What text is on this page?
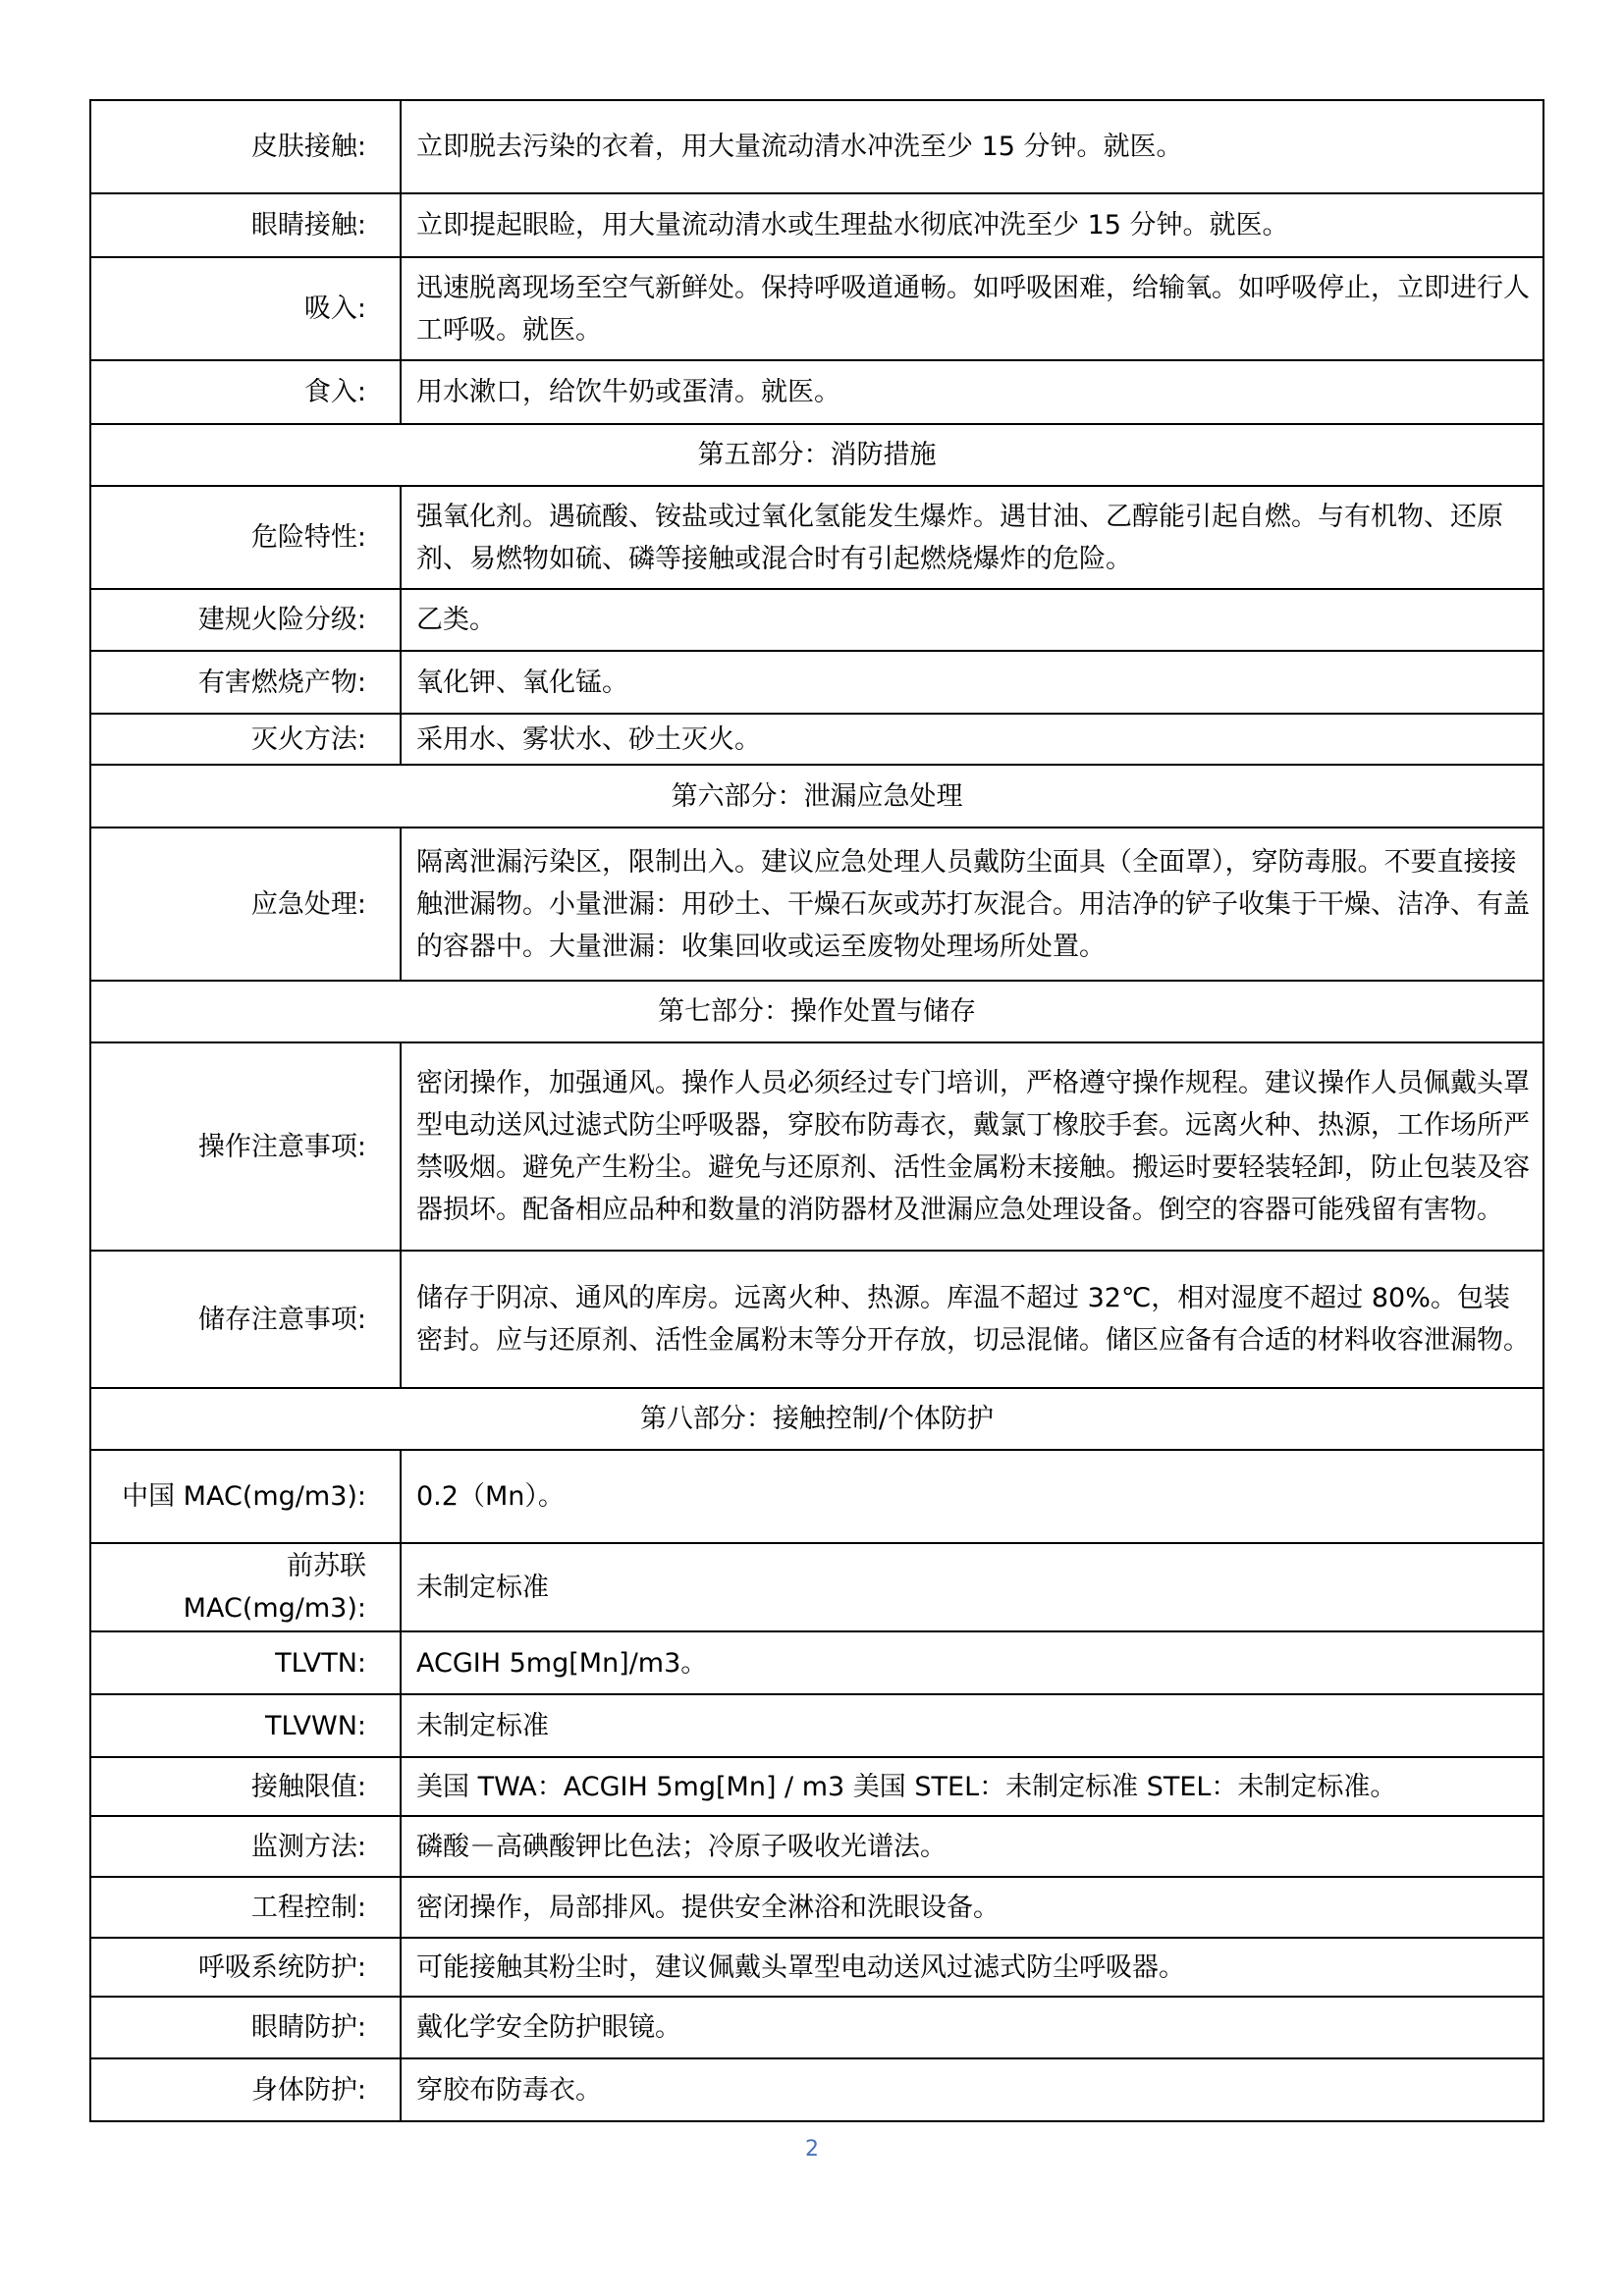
皮肤接触:	立即脱去污染的衣着，用大量流动清水冲洗至少 15 分钟。就医。
眼睛接触:	立即提起眼睑，用大量流动清水或生理盐水彻底冲洗至少 15 分钟。就医。
吸入:	迅速脱离现场至空气新鲜处。保持呼吸道通畅。如呼吸困难，给输氧。如呼吸停止，立即进行人工呼吸。就医。
食入:	用水漱口，给饮牛奶或蛋清。就医。
第五部分：消防措施	
危险特性:	强氧化剂。遇硫酸、铵盐或过氧化氢能发生爆炸。遇甘油、乙醇能引起自燃。与有机物、还原剂、易燃物如硫、磷等接触或混合时有引起燃烧爆炸的危险。
建规火险分级:	乙类。
有害燃烧产物:	氧化钾、氧化锰。
灭火方法:	采用水、雾状水、砂土灭火。
第六部分：泄漏应急处理	
应急处理:	隔离泄漏污染区，限制出入。建议应急处理人员戴防尘面具（全面罩），穿防毒服。不要直接接触泄漏物。小量泄漏：用砂土、干燥石灰或苏打灰混合。用洁净的铲子收集于干燥、洁净、有盖的容器中。大量泄漏：收集回收或运至废物处理场所处置。
第七部分：操作处置与储存	
操作注意事项:	密闭操作，加强通风。操作人员必须经过专门培训，严格遵守操作规程。建议操作人员佩戴头罩型电动送风过滤式防尘呼吸器，穿胶布防毒衣，戴氯丁橡胶手套。远离火种、热源，工作场所严禁吸烟。避免产生粉尘。避免与还原剂、活性金属粉末接触。搬运时要轻装轻卸，防止包装及容器损坏。配备相应品种和数量的消防器材及泄漏应急处理设备。倒空的容器可能残留有害物。
储存注意事项:	储存于阴凉、通风的库房。远离火种、热源。库温不超过 32℃，相对湿度不超过 80%。包装密封。应与还原剂、活性金属粉末等分开存放，切忌混储。储区应备有合适的材料收容泄漏物。
第八部分：接触控制/个体防护	
中国 MAC(mg/m3):	0.2（Mn）。
前苏联 MAC(mg/m3):	未制定标准
TLVTN:	ACGIH 5mg[Mn]/m3。
TLVWN:	未制定标准
接触限值:	美国 TWA：ACGIH 5mg[Mn] / m3 美国 STEL：未制定标准 STEL：未制定标准。
监测方法:	磷酸－高碘酸钾比色法；冷原子吸收光谱法。
工程控制:	密闭操作，局部排风。提供安全淋浴和洗眼设备。
呼吸系统防护:	可能接触其粉尘时，建议佩戴头罩型电动送风过滤式防尘呼吸器。
眼睛防护:	戴化学安全防护眼镜。
身体防护:	穿胶布防毒衣。
2
